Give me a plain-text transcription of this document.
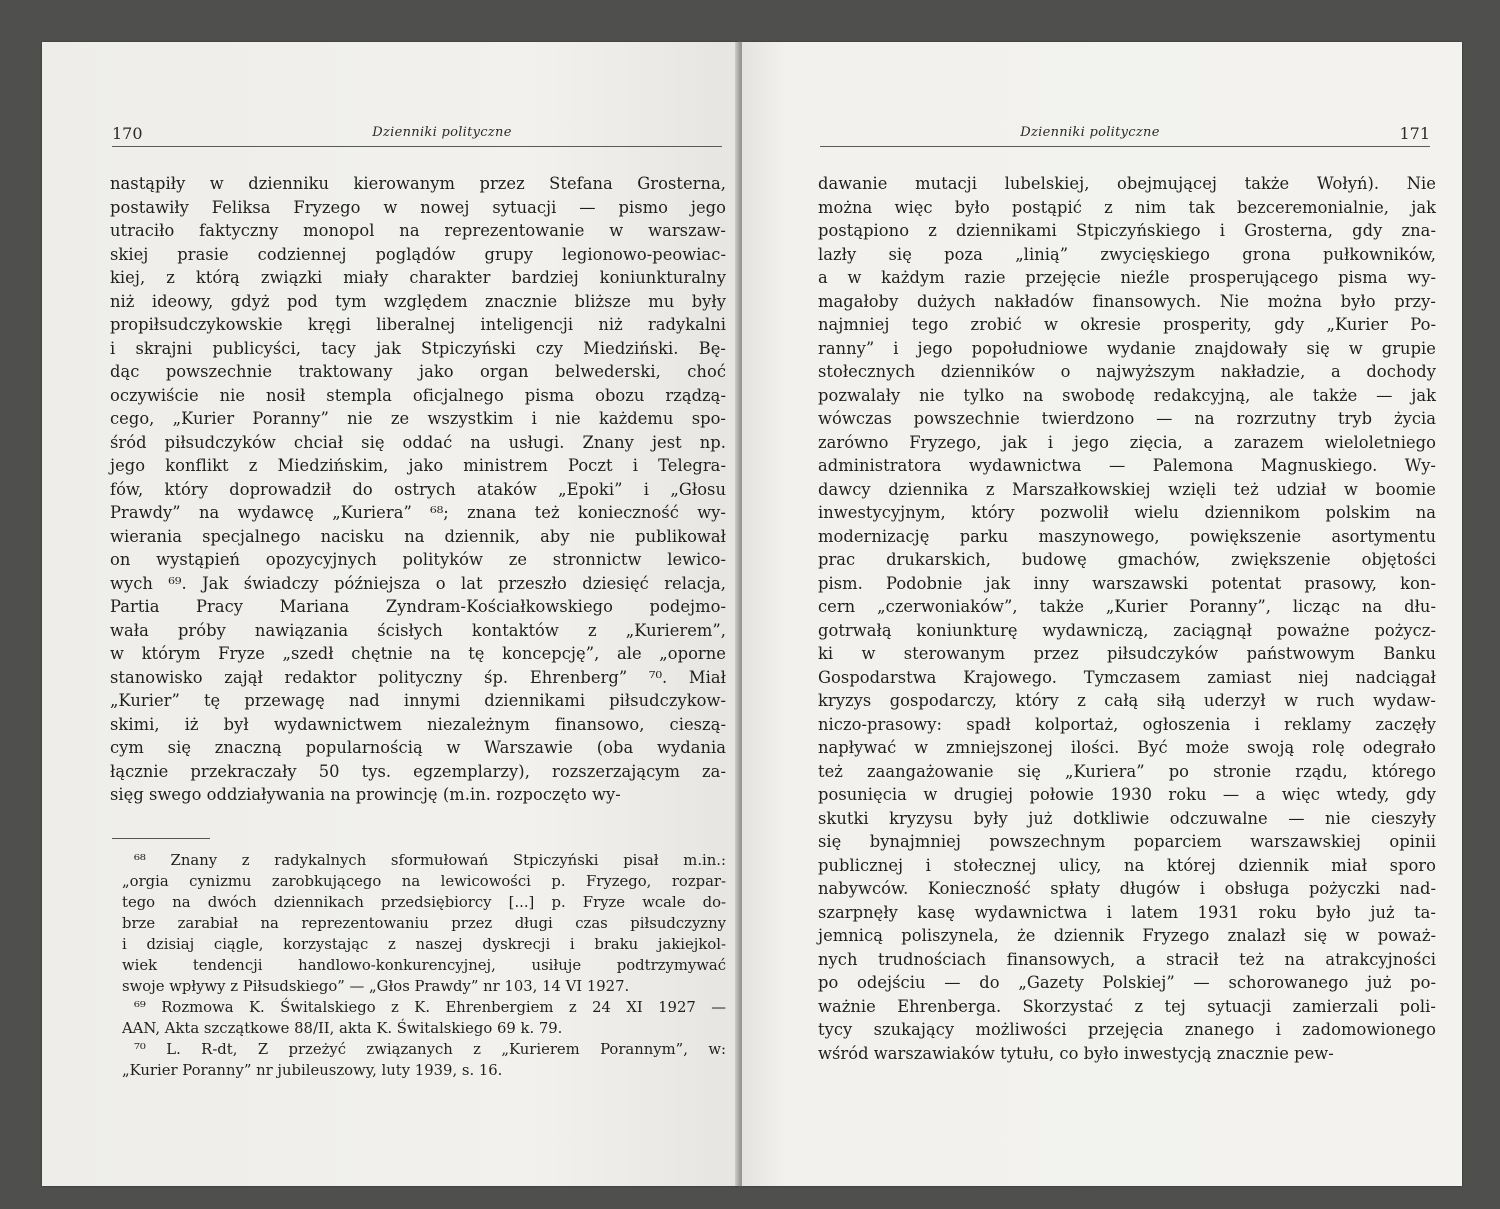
170	Dzienniki polityczne
nastąpiły w dzienniku kierowanym przez Stefana Grosterna,
postawiły Feliksa Fryzego w nowej sytuacji — pismo jego
utraciło faktyczny monopol na reprezentowanie w warszaw-
skiej prasie codziennej poglądów grupy legionowo-peowiac-
kiej, z którą związki miały charakter bardziej koniunkturalny
niż ideowy, gdyż pod tym względem znacznie bliższe mu były
propiłsudczykowskie kręgi liberalnej inteligencji niż radykalni
i skrajni publicyści, tacy jak Stpiczyński czy Miedziński. Bę-
dąc powszechnie traktowany jako organ belwederski, choć
oczywiście nie nosił stempla oficjalnego pisma obozu rządzą-
cego, „Kurier Poranny” nie ze wszystkim i nie każdemu spo-
śród piłsudczyków chciał się oddać na usługi. Znany jest np.
jego konflikt z Miedzińskim, jako ministrem Poczt i Telegra-
fów, który doprowadził do ostrych ataków „Epoki” i „Głosu
Prawdy” na wydawcę „Kuriera” ⁶⁸; znana też konieczność wy-
wierania specjalnego nacisku na dziennik, aby nie publikował
on wystąpień opozycyjnych polityków ze stronnictw lewico-
wych ⁶⁹. Jak świadczy późniejsza o lat przeszło dziesięć relacja,
Partia Pracy Mariana Zyndram-Kościałkowskiego podejmo-
wała próby nawiązania ścisłych kontaktów z „Kurierem”,
w którym Fryze „szedł chętnie na tę koncepcję”, ale „oporne
stanowisko zajął redaktor polityczny śp. Ehrenberg” ⁷⁰. Miał
„Kurier” tę przewagę nad innymi dziennikami piłsudczykow-
skimi, iż był wydawnictwem niezależnym finansowo, cieszą-
cym się znaczną popularnością w Warszawie (oba wydania
łącznie przekraczały 50 tys. egzemplarzy), rozszerzającym za-
sięg swego oddziaływania na prowincję (m.in. rozpoczęto wy-
⁶⁸ Znany z radykalnych sformułowań Stpiczyński pisał m.in.:
„orgia cynizmu zarobkującego na lewicowości p. Fryzego, rozpar-
tego na dwóch dziennikach przedsiębiorcy [...] p. Fryze wcale do-
brze zarabiał na reprezentowaniu przez długi czas piłsudczyzny
i dzisiaj ciągle, korzystając z naszej dyskrecji i braku jakiejkol-
wiek tendencji handlowo-konkurencyjnej, usiłuje podtrzymywać
swoje wpływy z Piłsudskiego” — „Głos Prawdy” nr 103, 14 VI 1927.
⁶⁹ Rozmowa K. Świtalskiego z K. Ehrenbergiem z 24 XI 1927 —
AAN, Akta szczątkowe 88/II, akta K. Świtalskiego 69 k. 79.
⁷⁰ L. R-dt, Z przeżyć związanych z „Kurierem Porannym”, w:
„Kurier Poranny” nr jubileuszowy, luty 1939, s. 16.
Dzienniki polityczne	171
dawanie mutacji lubelskiej, obejmującej także Wołyń). Nie
można więc było postąpić z nim tak bezceremonialnie, jak
postąpiono z dziennikami Stpiczyńskiego i Grosterna, gdy zna-
lazły się poza „linią” zwycięskiego grona pułkowników,
a w każdym razie przejęcie nieźle prosperującego pisma wy-
magałoby dużych nakładów finansowych. Nie można było przy-
najmniej tego zrobić w okresie prosperity, gdy „Kurier Po-
ranny” i jego popołudniowe wydanie znajdowały się w grupie
stołecznych dzienników o najwyższym nakładzie, a dochody
pozwalały nie tylko na swobodę redakcyjną, ale także — jak
wówczas powszechnie twierdzono — na rozrzutny tryb życia
zarówno Fryzego, jak i jego zięcia, a zarazem wieloletniego
administratora wydawnictwa — Palemona Magnuskiego. Wy-
dawcy dziennika z Marszałkowskiej wzięli też udział w boomie
inwestycyjnym, który pozwolił wielu dziennikom polskim na
modernizację parku maszynowego, powiększenie asortymentu
prac drukarskich, budowę gmachów, zwiększenie objętości
pism. Podobnie jak inny warszawski potentat prasowy, kon-
cern „czerwoniaków”, także „Kurier Poranny”, licząc na dłu-
gotrwałą koniunkturę wydawniczą, zaciągnął poważne pożycz-
ki w sterowanym przez piłsudczyków państwowym Banku
Gospodarstwa Krajowego. Tymczasem zamiast niej nadciągał
kryzys gospodarczy, który z całą siłą uderzył w ruch wydaw-
niczo-prasowy: spadł kolportaż, ogłoszenia i reklamy zaczęły
napływać w zmniejszonej ilości. Być może swoją rolę odegrało
też zaangażowanie się „Kuriera” po stronie rządu, którego
posunięcia w drugiej połowie 1930 roku — a więc wtedy, gdy
skutki kryzysu były już dotkliwie odczuwalne — nie cieszyły
się bynajmniej powszechnym poparciem warszawskiej opinii
publicznej i stołecznej ulicy, na której dziennik miał sporo
nabywców. Konieczność spłaty długów i obsługa pożyczki nad-
szarpnęły kasę wydawnictwa i latem 1931 roku było już ta-
jemnicą poliszynela, że dziennik Fryzego znalazł się w poważ-
nych trudnościach finansowych, a stracił też na atrakcyjności
po odejściu — do „Gazety Polskiej” — schorowanego już po-
ważnie Ehrenberga. Skorzystać z tej sytuacji zamierzali poli-
tycy szukający możliwości przejęcia znanego i zadomowionego
wśród warszawiaków tytułu, co było inwestycją znacznie pew-
